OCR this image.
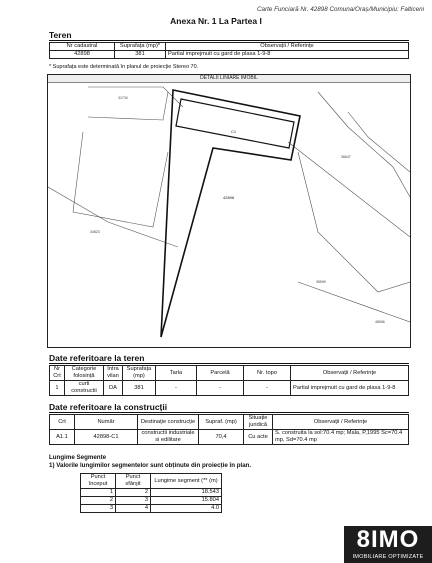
Carte Funciară Nr. 42898 Comuna/Oraș/Municipiu: Falticeni
Anexa Nr. 1 La Partea I
Teren
Nr cadastral	Suprafața (mp)*	Observații / Referințe
42898	381	Partial imprejmuit cu gard de plasa 1-9-8
* Suprafața este determinată în planul de proiecție Stereo 70.
DETALII LINIARE IMOBIL
31734
C1
42898
36647
34823
35599
48966
Date referitoare la teren
Nr Crt	Categorie folosință	Intra vilan	Suprafața (mp)	Tarla	Parcelă	Nr. topo	Observații / Referințe
1	curti constructii	DA	381	-	-	-	Partial imprejmuit cu gard de plasa 1-9-8
Date referitoare la construcții
Crt	Număr	Destinație construcție	Supraf. (mp)	Situație juridică	Observații / Referințe
A1.1	42898-C1	constructii industriale si edilitare	70,4	Cu acte	S. construita la sol:70.4 mp; Mala, P,1995 Sc=70.4 mp, Sd=70.4 mp
Lungime Segmente
1) Valorile lungimilor segmentelor sunt obținute din proiecție în plan.
Punct început	Punct sfârșit	Lungime segment (** (m)
1	2	18.543
2	3	15.804
3	4	4.0
8IMO
IMOBILIARE OPTIMIZATE
